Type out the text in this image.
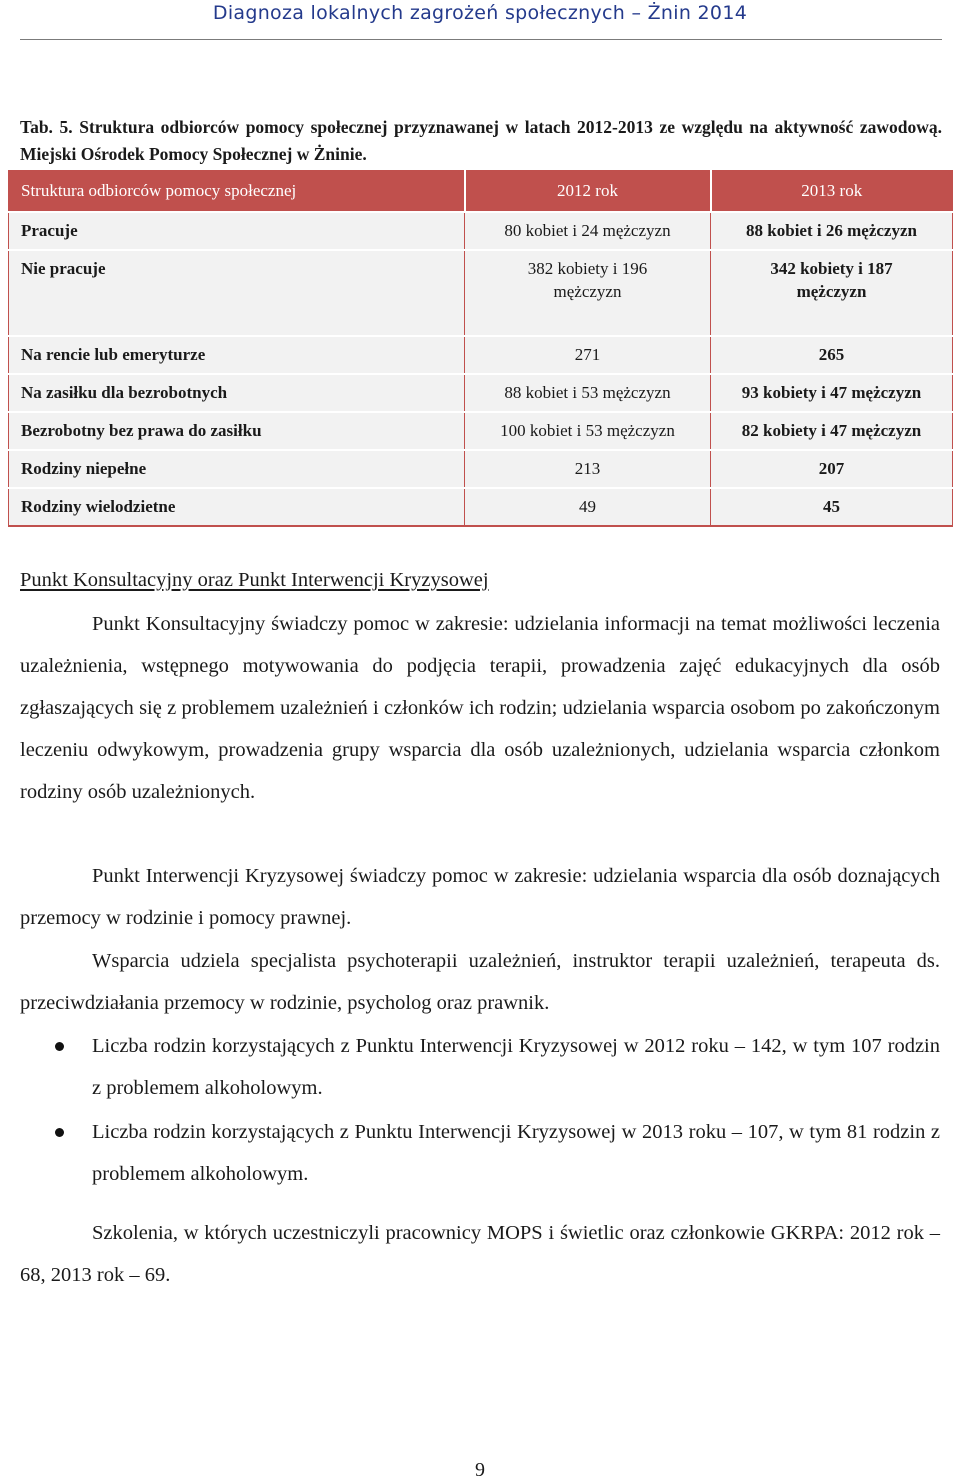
Diagnoza lokalnych zagrożeń społecznych – Żnin 2014
Tab. 5. Struktura odbiorców pomocy społecznej przyznawanej w latach 2012-2013 ze względu na aktywność zawodową. Miejski Ośrodek Pomocy Społecznej w Żninie.
Struktura odbiorców pomocy społecznej	2012 rok	2013 rok
Pracuje	80 kobiet i 24 mężczyzn	88 kobiet i 26 mężczyzn
Nie pracuje	382 kobiety i 196 mężczyzn	342 kobiety i 187 mężczyzn
Na rencie lub emeryturze	271	265
Na zasiłku dla bezrobotnych	88 kobiet i 53 mężczyzn	93 kobiety i 47 mężczyzn
Bezrobotny bez prawa do zasiłku	100 kobiet i 53 mężczyzn	82 kobiety i 47 mężczyzn
Rodziny niepełne	213	207
Rodziny wielodzietne	49	45
Punkt Konsultacyjny oraz Punkt Interwencji Kryzysowej

Punkt Konsultacyjny świadczy pomoc w zakresie: udzielania informacji na temat możliwości leczenia uzależnienia, wstępnego motywowania do podjęcia terapii, prowadzenia zajęć edukacyjnych dla osób zgłaszających się z problemem uzależnień i członków ich rodzin; udzielania wsparcia osobom po zakończonym leczeniu odwykowym, prowadzenia grupy wsparcia dla osób uzależnionych, udzielania wsparcia członkom rodziny osób uzależnionych.

Punkt Interwencji Kryzysowej świadczy pomoc w zakresie: udzielania wsparcia dla osób doznających przemocy w rodzinie i pomocy prawnej.

Wsparcia udziela specjalista psychoterapii uzależnień, instruktor terapii uzależnień, terapeuta ds. przeciwdziałania przemocy w rodzinie, psycholog oraz prawnik.

Liczba rodzin korzystających z Punktu Interwencji Kryzysowej w 2012 roku – 142, w tym 107 rodzin z problemem alkoholowym.
Liczba rodzin korzystających z Punktu Interwencji Kryzysowej w 2013 roku – 107, w tym 81 rodzin z problemem alkoholowym.

Szkolenia, w których uczestniczyli pracownicy MOPS i świetlic oraz członkowie GKRPA: 2012 rok – 68, 2013 rok – 69.

9
